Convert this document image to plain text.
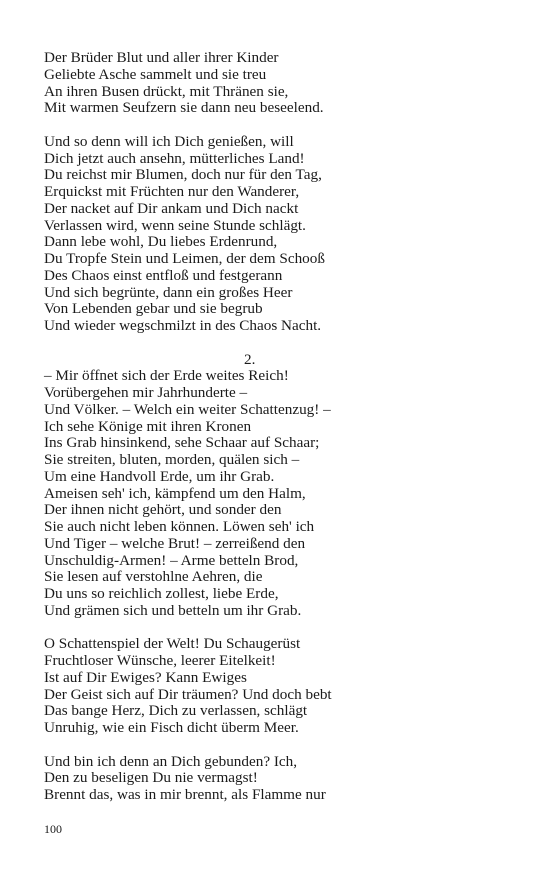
Der Brüder Blut und aller ihrer Kinder
Geliebte Asche sammelt und sie treu
An ihren Busen drückt, mit Thränen sie,
Mit warmen Seufzern sie dann neu beseelend.
Und so denn will ich Dich genießen, will
Dich jetzt auch ansehn, mütterliches Land!
Du reichst mir Blumen, doch nur für den Tag,
Erquickst mit Früchten nur den Wanderer,
Der nacket auf Dir ankam und Dich nackt
Verlassen wird, wenn seine Stunde schlägt.
Dann lebe wohl, Du liebes Erdenrund,
Du Tropfe Stein und Leimen, der dem Schooß
Des Chaos einst entfloß und festgerann
Und sich begrünte, dann ein großes Heer
Von Lebenden gebar und sie begrub
Und wieder wegschmilzt in des Chaos Nacht.
2.
– Mir öffnet sich der Erde weites Reich!
Vorübergehen mir Jahrhunderte –
Und Völker. – Welch ein weiter Schattenzug! –
Ich sehe Könige mit ihren Kronen
Ins Grab hinsinkend, sehe Schaar auf Schaar;
Sie streiten, bluten, morden, quälen sich –
Um eine Handvoll Erde, um ihr Grab.
Ameisen seh' ich, kämpfend um den Halm,
Der ihnen nicht gehört, und sonder den
Sie auch nicht leben können. Löwen seh' ich
Und Tiger – welche Brut! – zerreißend den
Unschuldig-Armen! – Arme betteln Brod,
Sie lesen auf verstohlne Aehren, die
Du uns so reichlich zollest, liebe Erde,
Und grämen sich und betteln um ihr Grab.
O Schattenspiel der Welt! Du Schaugerüst
Fruchtloser Wünsche, leerer Eitelkeit!
Ist auf Dir Ewiges? Kann Ewiges
Der Geist sich auf Dir träumen? Und doch bebt
Das bange Herz, Dich zu verlassen, schlägt
Unruhig, wie ein Fisch dicht überm Meer.
Und bin ich denn an Dich gebunden? Ich,
Den zu beseligen Du nie vermagst!
Brennt das, was in mir brennt, als Flamme nur
100
